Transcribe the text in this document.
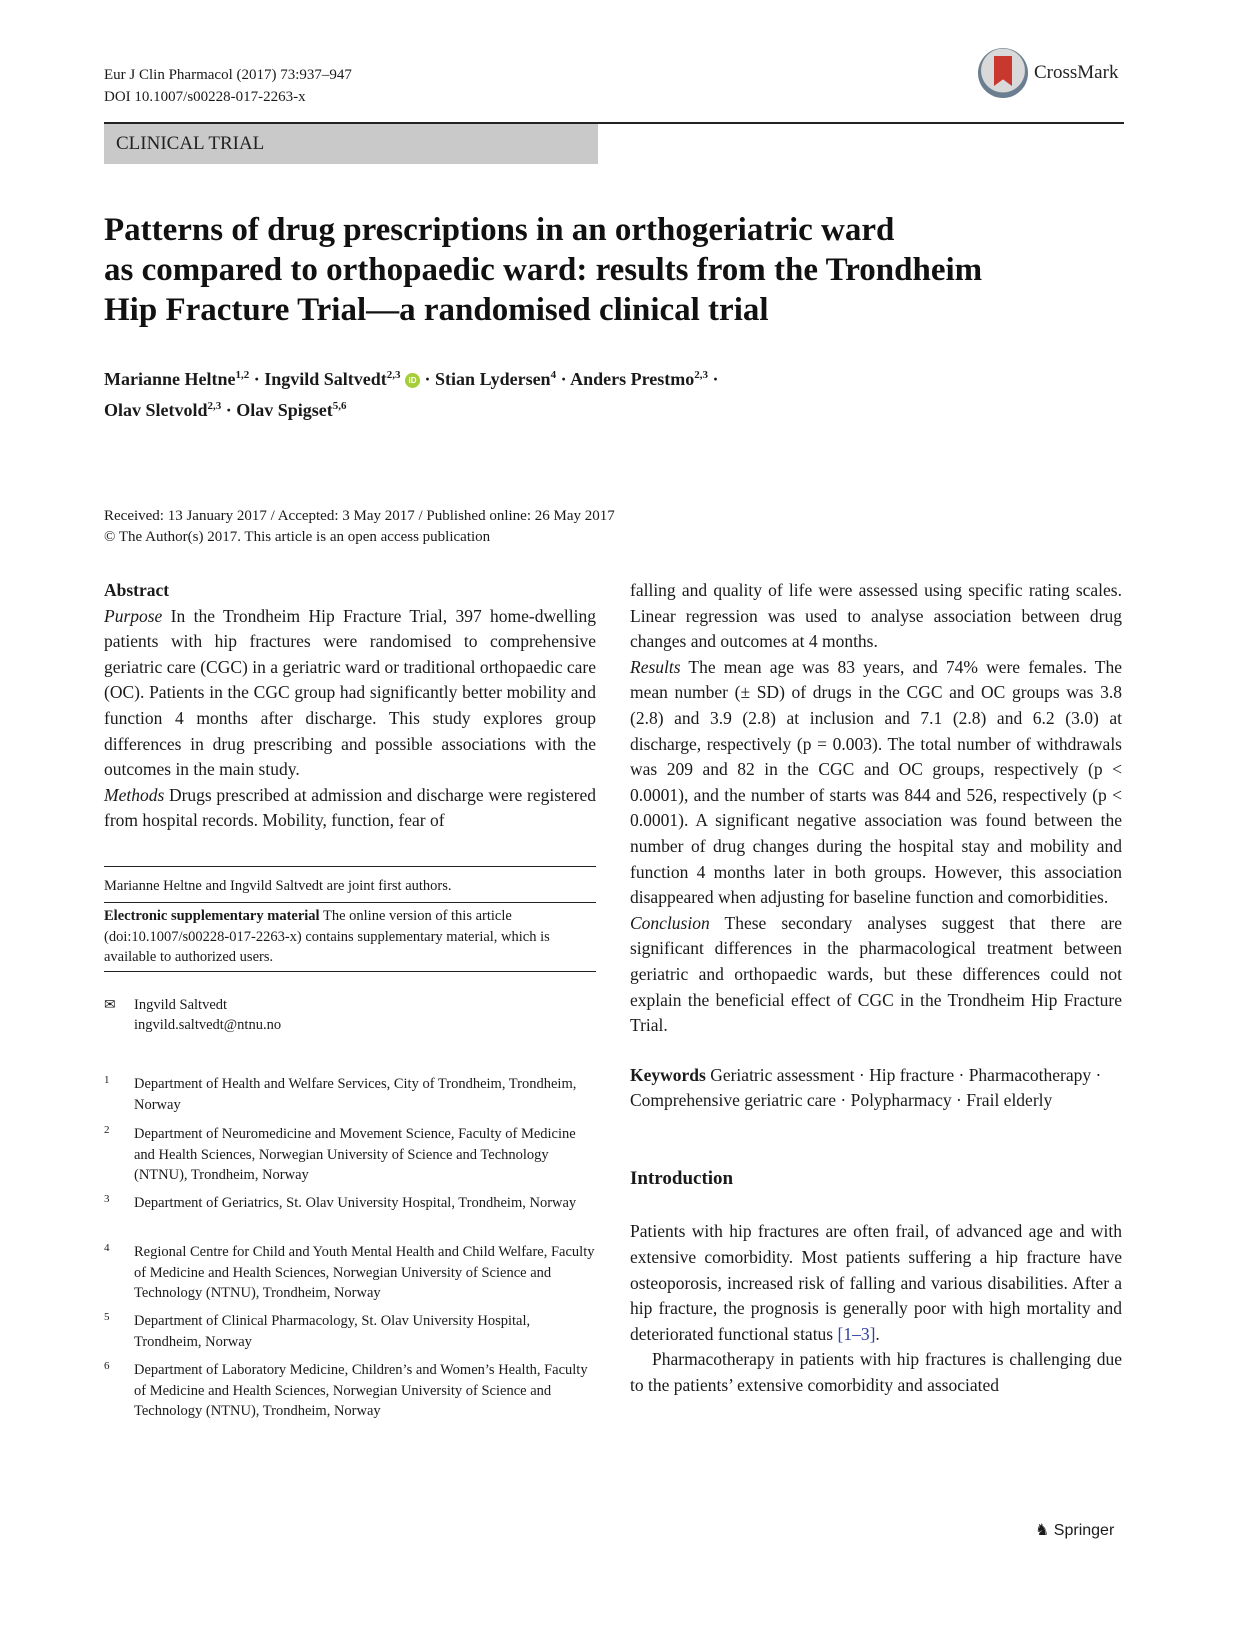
Eur J Clin Pharmacol (2017) 73:937–947
DOI 10.1007/s00228-017-2263-x
CrossMark
CLINICAL TRIAL
Patterns of drug prescriptions in an orthogeriatric ward
as compared to orthopaedic ward: results from the Trondheim
Hip Fracture Trial—a randomised clinical trial
Marianne Heltne$^{1,2}$ · Ingvild Saltvedt$^{2,3}$ iD · Stian Lydersen$^4$ · Anders Prestmo$^{2,3}$ ·
Olav Sletvold$^{2,3}$ · Olav Spigset$^{5,6}$
Received: 13 January 2017 / Accepted: 3 May 2017 / Published online: 26 May 2017
© The Author(s) 2017. This article is an open access publication

Abstract

Purpose In the Trondheim Hip Fracture Trial, 397 home-dwelling patients with hip fractures were randomised to comprehensive geriatric care (CGC) in a geriatric ward or traditional orthopaedic care (OC). Patients in the CGC group had significantly better mobility and function 4 months after discharge. This study explores group differences in drug prescribing and possible associations with the outcomes in the main study.

Methods Drugs prescribed at admission and discharge were registered from hospital records. Mobility, function, fear of

Marianne Heltne and Ingvild Saltvedt are joint first authors.
Electronic supplementary material The online version of this article (doi:10.1007/s00228-017-2263-x) contains supplementary material, which is available to authorized users.
✉ Ingvild Saltvedt
ingvild.saltvedt@ntnu.no
1 Department of Health and Welfare Services, City of Trondheim, Trondheim, Norway
2 Department of Neuromedicine and Movement Science, Faculty of Medicine and Health Sciences, Norwegian University of Science and Technology (NTNU), Trondheim, Norway
3 Department of Geriatrics, St. Olav University Hospital, Trondheim, Norway
4 Regional Centre for Child and Youth Mental Health and Child Welfare, Faculty of Medicine and Health Sciences, Norwegian University of Science and Technology (NTNU), Trondheim, Norway
5 Department of Clinical Pharmacology, St. Olav University Hospital, Trondheim, Norway
6 Department of Laboratory Medicine, Children’s and Women’s Health, Faculty of Medicine and Health Sciences, Norwegian University of Science and Technology (NTNU), Trondheim, Norway

falling and quality of life were assessed using specific rating scales. Linear regression was used to analyse association between drug changes and outcomes at 4 months.

Results The mean age was 83 years, and 74% were females. The mean number (± SD) of drugs in the CGC and OC groups was 3.8 (2.8) and 3.9 (2.8) at inclusion and 7.1 (2.8) and 6.2 (3.0) at discharge, respectively (p = 0.003). The total number of withdrawals was 209 and 82 in the CGC and OC groups, respectively (p < 0.0001), and the number of starts was 844 and 526, respectively (p < 0.0001). A significant negative association was found between the number of drug changes during the hospital stay and mobility and function 4 months later in both groups. However, this association disappeared when adjusting for baseline function and comorbidities.

Conclusion These secondary analyses suggest that there are significant differences in the pharmacological treatment between geriatric and orthopaedic wards, but these differences could not explain the beneficial effect of CGC in the Trondheim Hip Fracture Trial.

Keywords Geriatric assessment · Hip fracture · Pharmacotherapy · Comprehensive geriatric care · Polypharmacy · Frail elderly

Introduction

Patients with hip fractures are often frail, of advanced age and with extensive comorbidity. Most patients suffering a hip fracture have osteoporosis, increased risk of falling and various disabilities. After a hip fracture, the prognosis is generally poor with high mortality and deteriorated functional status [1–3].

Pharmacotherapy in patients with hip fractures is challenging due to the patients’ extensive comorbidity and associated

♞ Springer
